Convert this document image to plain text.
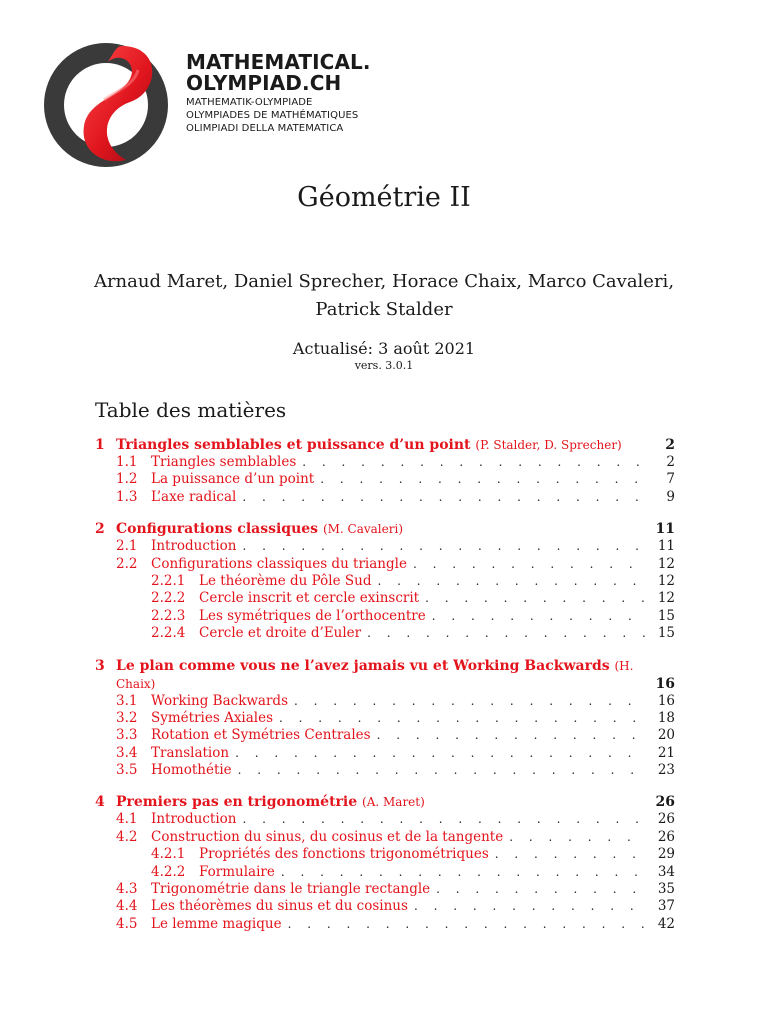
MATHEMATICAL.
OLYMPIAD.CH
MATHEMATIK-OLYMPIADE
OLYMPIADES DE MATHÉMATIQUES
OLIMPIADI DELLA MATEMATICA
Géométrie II
Arnaud Maret, Daniel Sprecher, Horace Chaix, Marco Cavaleri, Patrick Stalder
Actualisé: 3 août 2021
vers. 3.0.1
Table des matières
1 Triangles semblables et puissance d’un point (P. Stalder, D. Sprecher)	2
1.1	Triangles semblables . . .	2
1.2	La puissance d’un point . . .	7
1.3	L’axe radical . . .	9
2 Configurations classiques (M. Cavaleri)	11
2.1	Introduction . . .	11
2.2	Configurations classiques du triangle . . .	12
2.2.1	Le théorème du Pôle Sud . . .	12
2.2.2	Cercle inscrit et cercle exinscrit . . .	12
2.2.3	Les symétriques de l’orthocentre . . .	15
2.2.4	Cercle et droite d’Euler . . .	15
3 Le plan comme vous ne l’avez jamais vu et Working Backwards (H. Chaix)	16
3.1	Working Backwards . . .	16
3.2	Symétries Axiales . . .	18
3.3	Rotation et Symétries Centrales . . .	20
3.4	Translation . . .	21
3.5	Homothétie . . .	23
4 Premiers pas en trigonométrie (A. Maret)	26
4.1	Introduction . . .	26
4.2	Construction du sinus, du cosinus et de la tangente . . .	26
4.2.1	Propriétés des fonctions trigonométriques . . .	29
4.2.2	Formulaire . . .	34
4.3	Trigonométrie dans le triangle rectangle . . .	35
4.4	Les théorèmes du sinus et du cosinus . . .	37
4.5	Le lemme magique . . .	42
